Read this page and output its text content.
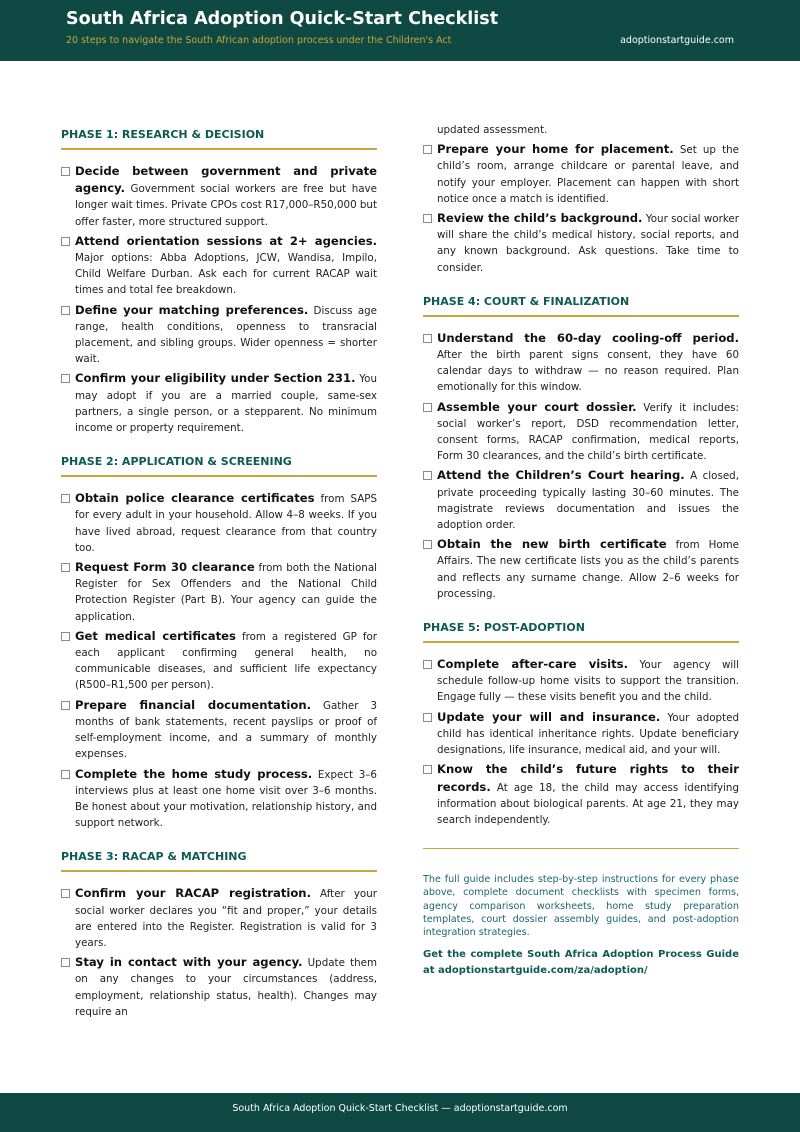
South Africa Adoption Quick-Start Checklist
20 steps to navigate the South African adoption process under the Children's Act	adoptionstartguide.com
PHASE 1: RESEARCH & DECISION
Decide between government and private agency. Government social workers are free but have longer wait times. Private CPOs cost R17,000–R50,000 but offer faster, more structured support.
Attend orientation sessions at 2+ agencies. Major options: Abba Adoptions, JCW, Wandisa, Impilo, Child Welfare Durban. Ask each for current RACAP wait times and total fee breakdown.
Define your matching preferences. Discuss age range, health conditions, openness to transracial placement, and sibling groups. Wider openness = shorter wait.
Confirm your eligibility under Section 231. You may adopt if you are a married couple, same-sex partners, a single person, or a stepparent. No minimum income or property requirement.
PHASE 2: APPLICATION & SCREENING
Obtain police clearance certificates from SAPS for every adult in your household. Allow 4–8 weeks. If you have lived abroad, request clearance from that country too.
Request Form 30 clearance from both the National Register for Sex Offenders and the National Child Protection Register (Part B). Your agency can guide the application.
Get medical certificates from a registered GP for each applicant confirming general health, no communicable diseases, and sufficient life expectancy (R500–R1,500 per person).
Prepare financial documentation. Gather 3 months of bank statements, recent payslips or proof of self-employment income, and a summary of monthly expenses.
Complete the home study process. Expect 3–6 interviews plus at least one home visit over 3–6 months. Be honest about your motivation, relationship history, and support network.
PHASE 3: RACAP & MATCHING
Confirm your RACAP registration. After your social worker declares you “fit and proper,” your details are entered into the Register. Registration is valid for 3 years.
Stay in contact with your agency. Update them on any changes to your circumstances (address, employment, relationship status, health). Changes may require an
updated assessment.
Prepare your home for placement. Set up the child’s room, arrange childcare or parental leave, and notify your employer. Placement can happen with short notice once a match is identified.
Review the child’s background. Your social worker will share the child’s medical history, social reports, and any known background. Ask questions. Take time to consider.
PHASE 4: COURT & FINALIZATION
Understand the 60-day cooling-off period. After the birth parent signs consent, they have 60 calendar days to withdraw — no reason required. Plan emotionally for this window.
Assemble your court dossier. Verify it includes: social worker’s report, DSD recommendation letter, consent forms, RACAP confirmation, medical reports, Form 30 clearances, and the child’s birth certificate.
Attend the Children’s Court hearing. A closed, private proceeding typically lasting 30–60 minutes. The magistrate reviews documentation and issues the adoption order.
Obtain the new birth certificate from Home Affairs. The new certificate lists you as the child’s parents and reflects any surname change. Allow 2–6 weeks for processing.
PHASE 5: POST-ADOPTION
Complete after-care visits. Your agency will schedule follow-up home visits to support the transition. Engage fully — these visits benefit you and the child.
Update your will and insurance. Your adopted child has identical inheritance rights. Update beneficiary designations, life insurance, medical aid, and your will.
Know the child’s future rights to their records. At age 18, the child may access identifying information about biological parents. At age 21, they may search independently.

The full guide includes step-by-step instructions for every phase above, complete document checklists with specimen forms, agency comparison worksheets, home study preparation templates, court dossier assembly guides, and post-adoption integration strategies.

Get the complete South Africa Adoption Process Guide at adoptionstartguide.com/za/adoption/

South Africa Adoption Quick-Start Checklist — adoptionstartguide.com
